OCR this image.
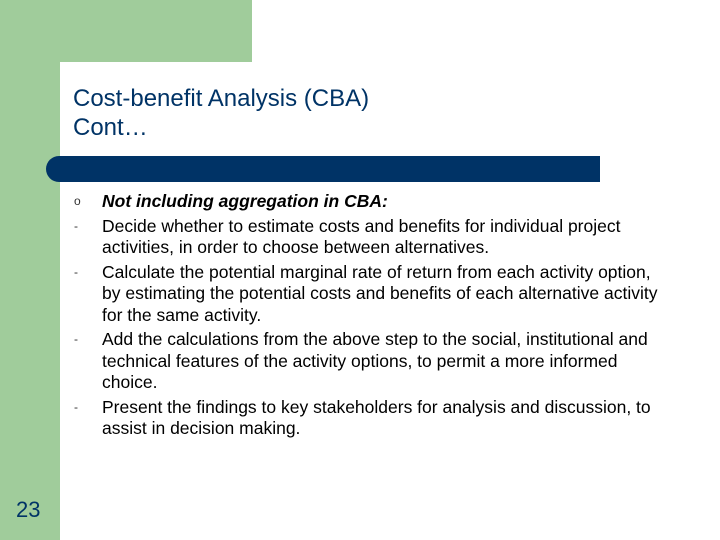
Cost-benefit Analysis (CBA)
Cont…
o Not including aggregation in CBA:
- Decide whether to estimate costs and benefits for individual project activities, in order to choose between alternatives.
- Calculate the potential marginal rate of return from each activity option, by estimating the potential costs and benefits of each alternative activity for the same activity.
- Add the calculations from the above step to the social, institutional and technical features of the activity options, to permit a more informed choice.
- Present the findings to key stakeholders for analysis and discussion, to assist in decision making.
23
